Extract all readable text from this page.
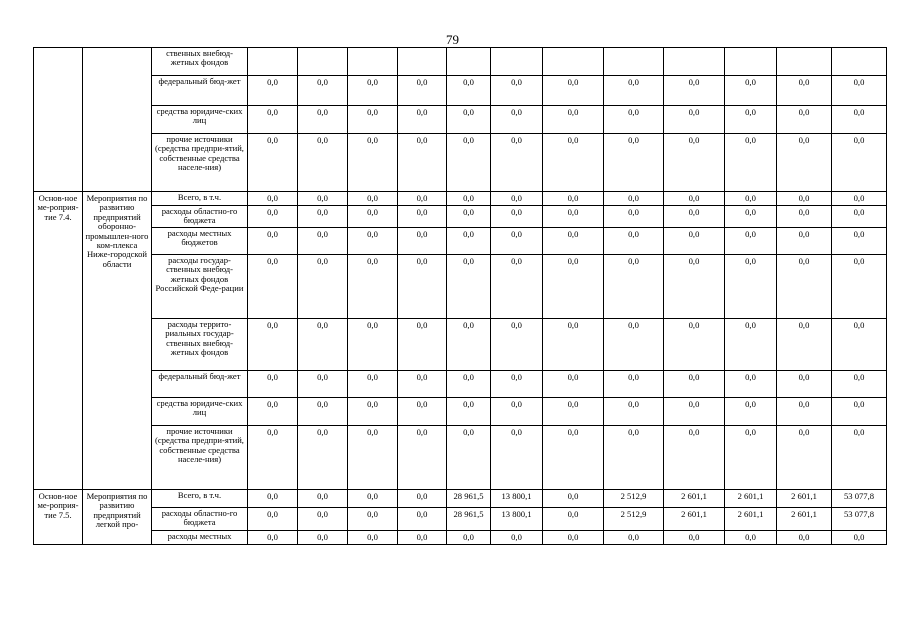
79
		ственных внебюд-жетных фондов												
		федеральный бюд-жет	0,0	0,0	0,0	0,0	0,0	0,0	0,0	0,0	0,0	0,0	0,0	0,0
		средства юридиче-ских лиц	0,0	0,0	0,0	0,0	0,0	0,0	0,0	0,0	0,0	0,0	0,0	0,0
		прочие источники (средства предпри-ятий, собственные средства населе-ния)	0,0	0,0	0,0	0,0	0,0	0,0	0,0	0,0	0,0	0,0	0,0	0,0
Основ-ное ме-роприя-тие 7.4.	Мероприятия по развитию предприятий оборонно-промышлен-ного ком-плекса Ниже-городской области	Всего, в т.ч.	0,0	0,0	0,0	0,0	0,0	0,0	0,0	0,0	0,0	0,0	0,0	0,0
		расходы областно-го бюджета	0,0	0,0	0,0	0,0	0,0	0,0	0,0	0,0	0,0	0,0	0,0	0,0
		расходы местных бюджетов	0,0	0,0	0,0	0,0	0,0	0,0	0,0	0,0	0,0	0,0	0,0	0,0
		расходы государ-ственных внебюд-жетных фондов Российской Феде-рации	0,0	0,0	0,0	0,0	0,0	0,0	0,0	0,0	0,0	0,0	0,0	0,0
		расходы террито-риальных государ-ственных внебюд-жетных фондов	0,0	0,0	0,0	0,0	0,0	0,0	0,0	0,0	0,0	0,0	0,0	0,0
		федеральный бюд-жет	0,0	0,0	0,0	0,0	0,0	0,0	0,0	0,0	0,0	0,0	0,0	0,0
		средства юридиче-ских лиц	0,0	0,0	0,0	0,0	0,0	0,0	0,0	0,0	0,0	0,0	0,0	0,0
		прочие источники (средства предпри-ятий, собственные средства населе-ния)	0,0	0,0	0,0	0,0	0,0	0,0	0,0	0,0	0,0	0,0	0,0	0,0
Основ-ное ме-роприя-тие 7.5.	Мероприятия по развитию предприятий легкой про-	Всего, в т.ч.	0,0	0,0	0,0	0,0	28 961,5	13 800,1	0,0	2 512,9	2 601,1	2 601,1	2 601,1	53 077,8
		расходы областно-го бюджета	0,0	0,0	0,0	0,0	28 961,5	13 800,1	0,0	2 512,9	2 601,1	2 601,1	2 601,1	53 077,8
		расходы местных	0,0	0,0	0,0	0,0	0,0	0,0	0,0	0,0	0,0	0,0	0,0	0,0
